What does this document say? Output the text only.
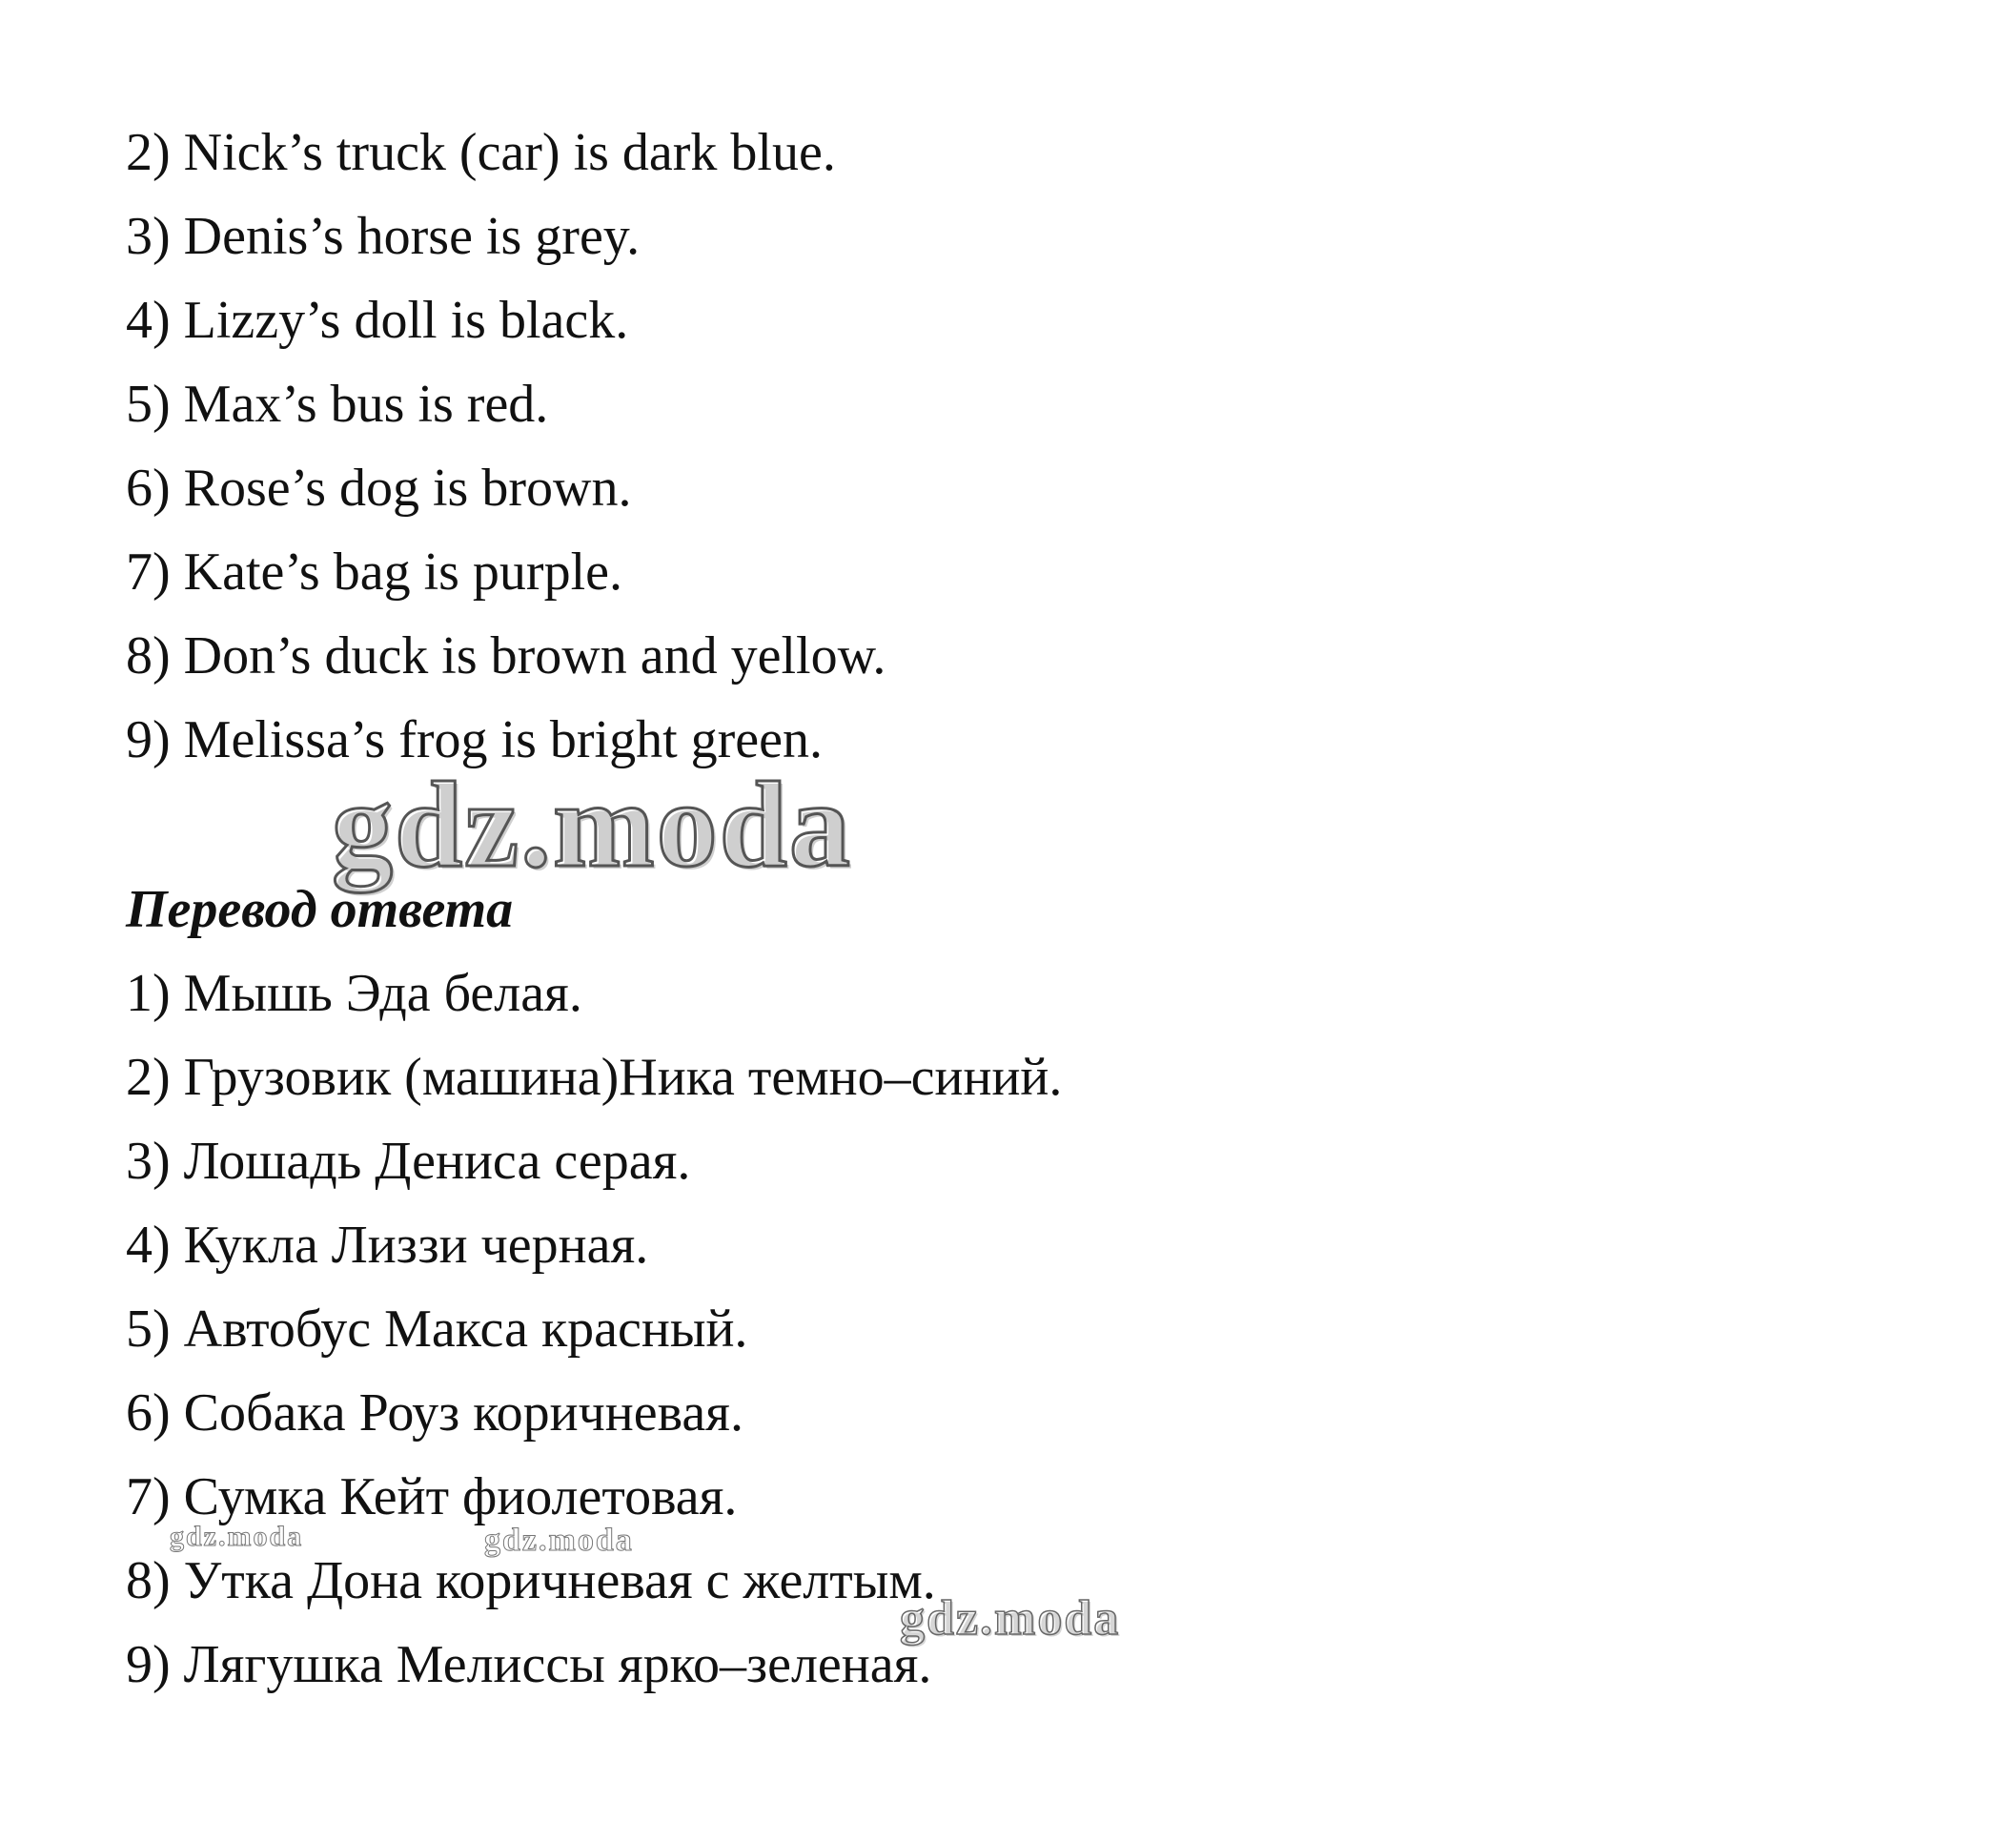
2) Nick’s truck (car) is dark blue.
3) Denis’s horse is grey.
4) Lizzy’s doll is black.
5) Max’s bus is red.
6) Rose’s dog is brown.
7) Kate’s bag is purple.
8) Don’s duck is brown and yellow.
9) Melissa’s frog is bright green.
gdz.moda
Перевод ответа
1) Мышь Эда белая.
2) Грузовик (машина)Ника темно–синий.
3) Лошадь Дениса серая.
4) Кукла Лиззи черная.
5) Автобус Макса красный.
6) Собака Роуз коричневая.
7) Сумка Кейт фиолетовая.
8) Утка Дона коричневая с желтым.
9) Лягушка Мелиссы ярко–зеленая.
gdz.moda	gdz.moda
gdz.moda
